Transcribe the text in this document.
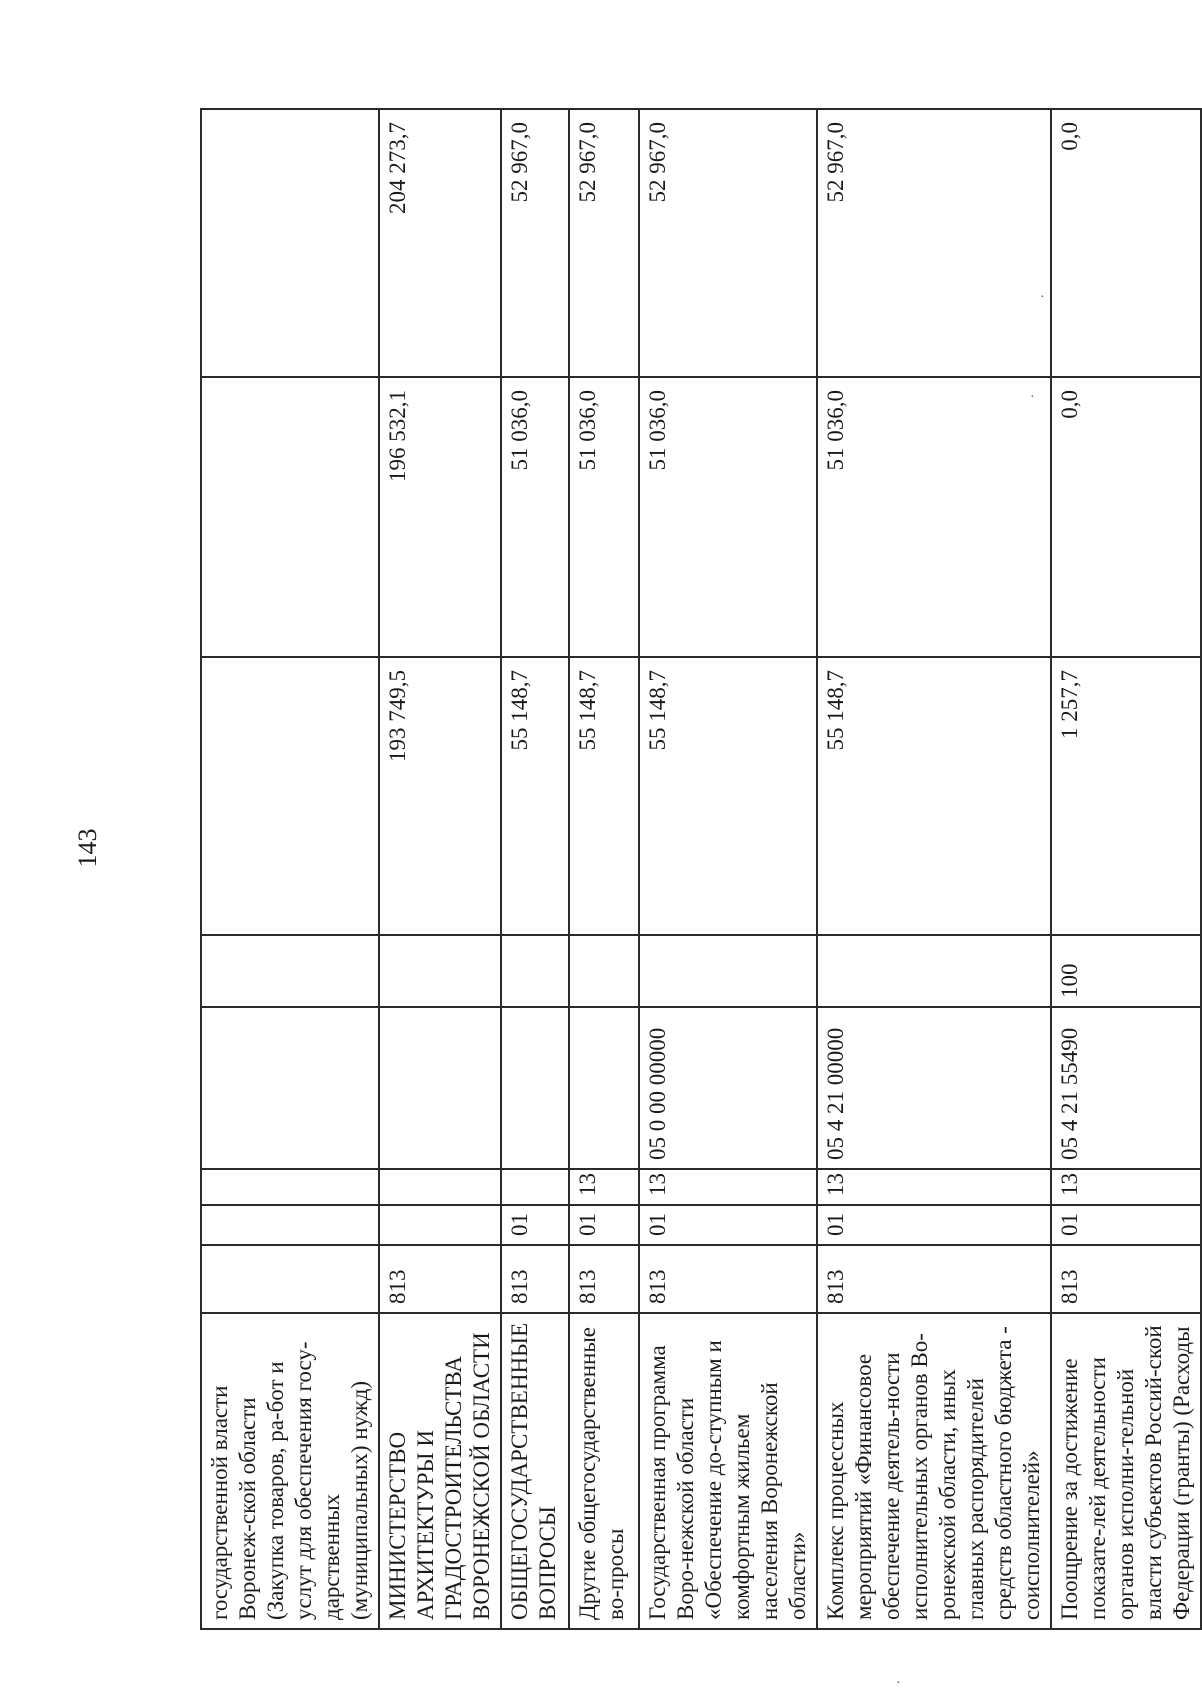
143
государственной власти Воронеж-ской области (Закупка товаров, ра-бот и услут для обеспечения госу-дарственных (муниципальных) нужд)								
МИНИСТЕРСТВО АРХИТЕКТУРЫ И ГРАДОСТРОИТЕЛЬСТВА ВОРОНЕЖСКОЙ ОБЛАСТИ	813					193 749,5	196 532,1	204 273,7
ОБЩЕГОСУДАРСТВЕННЫЕ ВОПРОСЫ	813	01				55 148,7	51 036,0	52 967,0
Другие общегосударственные во-просы	813	01	13			55 148,7	51 036,0	52 967,0
Государственная программа Воро-нежской области «Обеспечение до-ступным и комфортным жильем населения Воронежской области»	813	01	13	05 0 00 00000		55 148,7	51 036,0	52 967,0
Комплекс процессных мероприятий «Финансовое обеспечение деятель-ности исполнительных органов Во-ронежской области, иных главных распорядителей средств областного бюджета - соисполнителей»	813	01	13	05 4 21 00000		55 148,7	51 036,0	52 967,0
Поощрение за достижение показате-лей деятельности органов исполни-тельной власти субъектов Россий-ской Федерации (гранты) (Расходы	813	01	13	05 4 21 55490	100	1 257,7	0,0	0,0
·
·
·
